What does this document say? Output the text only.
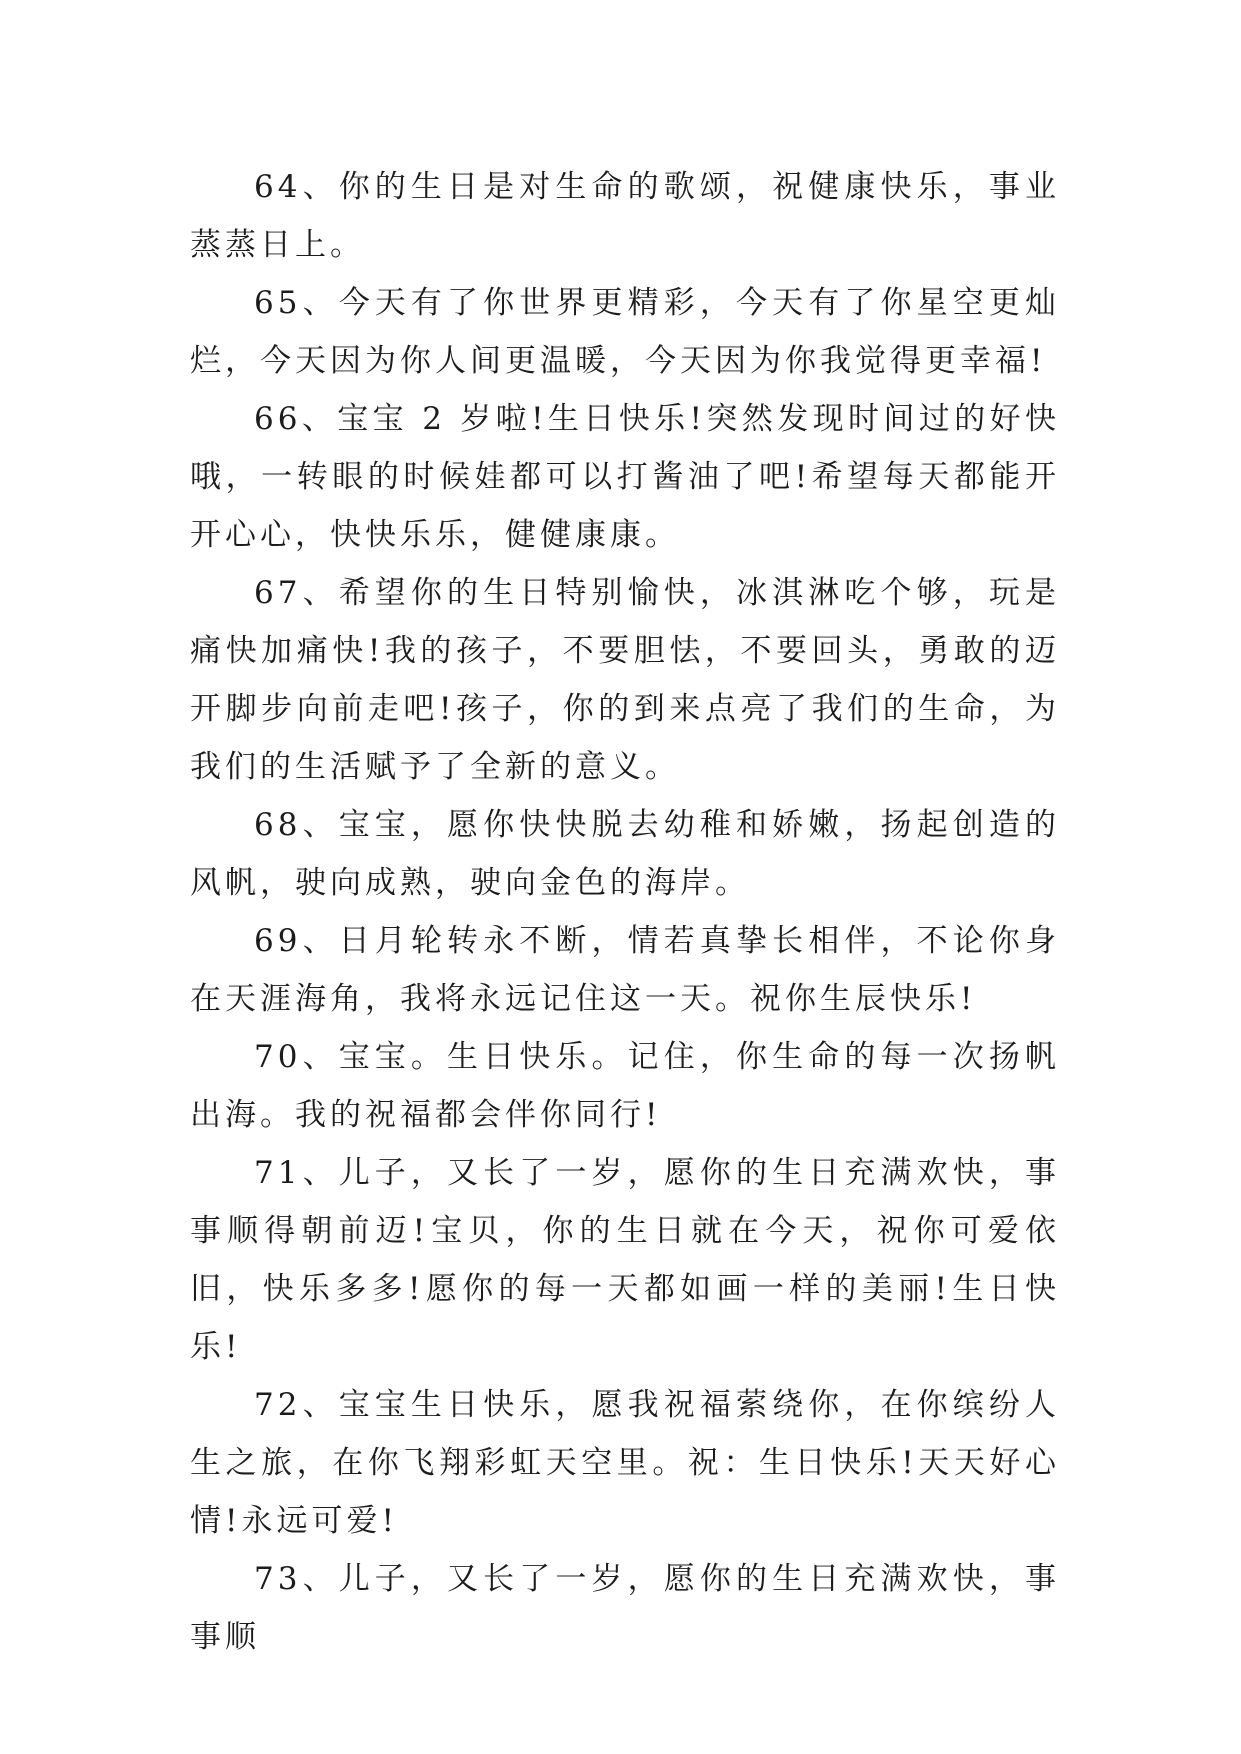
64、你的生日是对生命的歌颂，祝健康快乐，事业蒸蒸日上。

65、今天有了你世界更精彩，今天有了你星空更灿烂，今天因为你人间更温暖，今天因为你我觉得更幸福!

66、宝宝 2 岁啦!生日快乐!突然发现时间过的好快哦，一转眼的时候娃都可以打酱油了吧!希望每天都能开开心心，快快乐乐，健健康康。

67、希望你的生日特别愉快，冰淇淋吃个够，玩是痛快加痛快!我的孩子，不要胆怯，不要回头，勇敢的迈开脚步向前走吧!孩子，你的到来点亮了我们的生命，为我们的生活赋予了全新的意义。

68、宝宝，愿你快快脱去幼稚和娇嫩，扬起创造的风帆，驶向成熟，驶向金色的海岸。

69、日月轮转永不断，情若真挚长相伴，不论你身在天涯海角，我将永远记住这一天。祝你生辰快乐!

70、宝宝。生日快乐。记住，你生命的每一次扬帆出海。我的祝福都会伴你同行!

71、儿子，又长了一岁，愿你的生日充满欢快，事事顺得朝前迈!宝贝，你的生日就在今天，祝你可爱依旧，快乐多多!愿你的每一天都如画一样的美丽!生日快乐!

72、宝宝生日快乐，愿我祝福萦绕你，在你缤纷人生之旅，在你飞翔彩虹天空里。祝：生日快乐!天天好心情!永远可爱!

73、儿子，又长了一岁，愿你的生日充满欢快，事事顺
